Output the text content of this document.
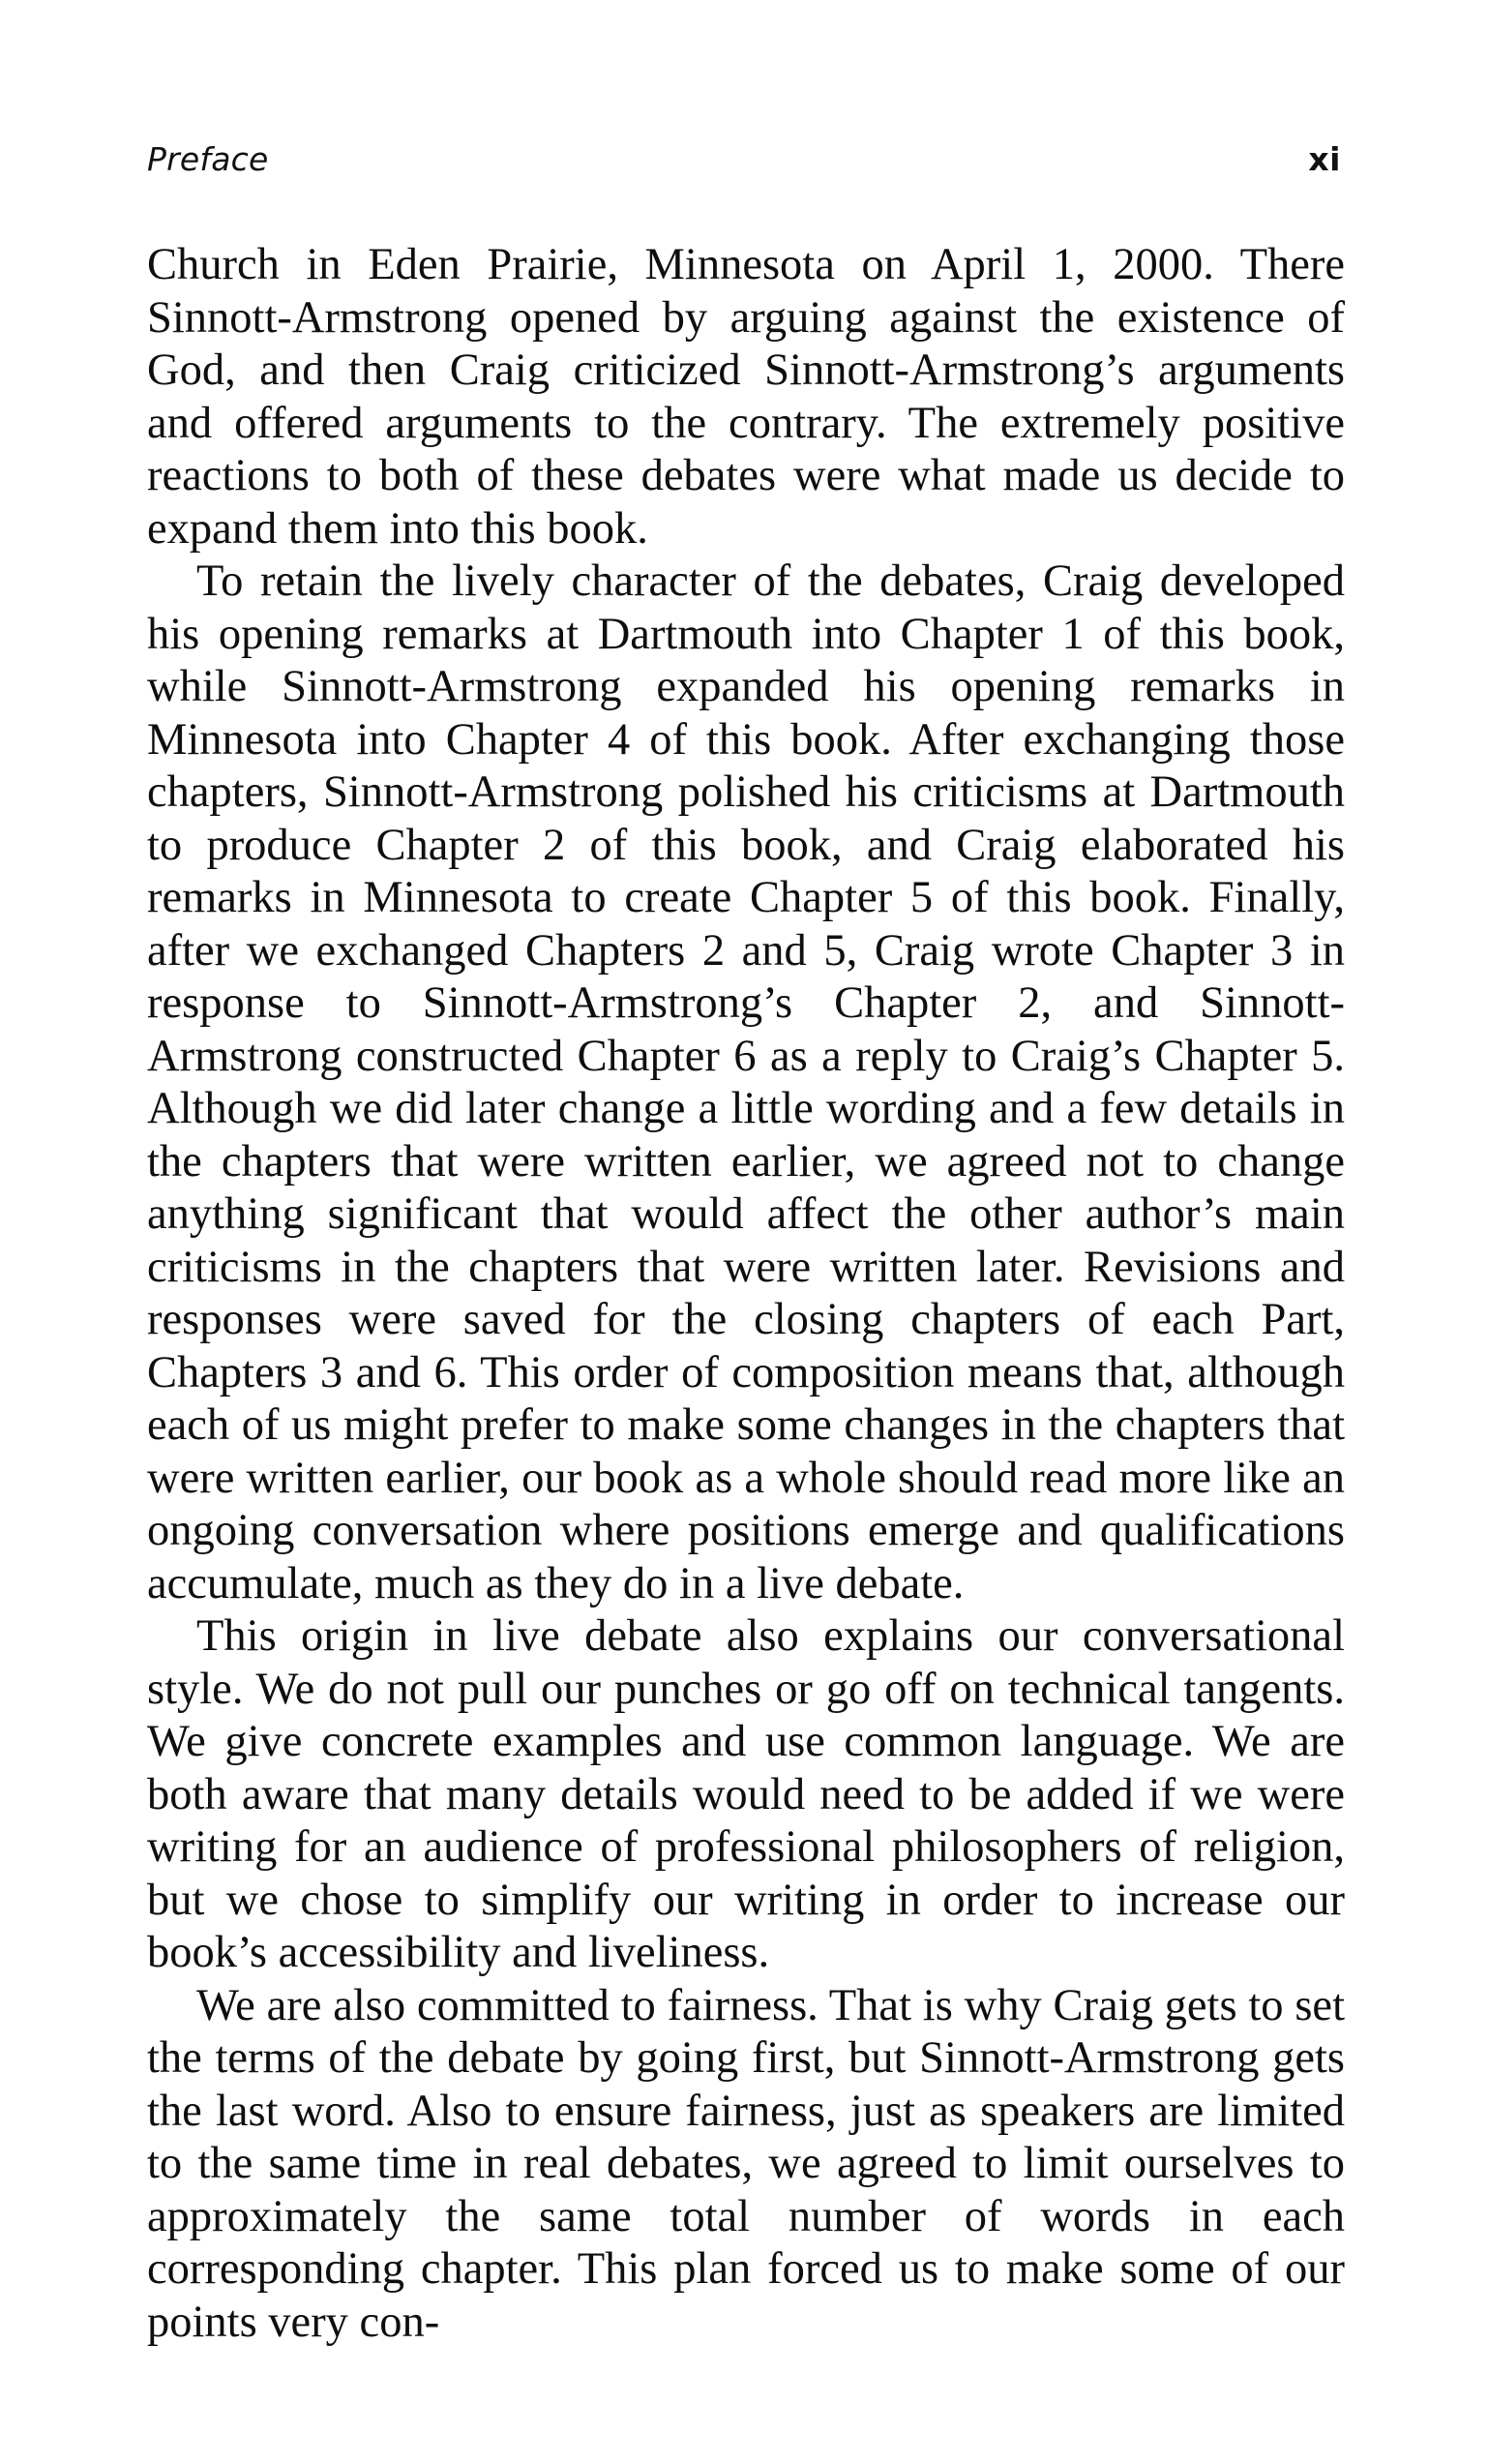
Preface	xi

Church in Eden Prairie, Minnesota on April 1, 2000. There Sinnott-Armstrong opened by arguing against the existence of God, and then Craig criticized Sinnott-Armstrong’s arguments and offered arguments to the contrary. The extremely positive reactions to both of these debates were what made us decide to expand them into this book.

To retain the lively character of the debates, Craig developed his opening remarks at Dartmouth into Chapter 1 of this book, while Sinnott-Armstrong expanded his opening remarks in Minnesota into Chapter 4 of this book. After exchanging those chapters, Sinnott-Armstrong polished his criticisms at Dartmouth to produce Chapter 2 of this book, and Craig elaborated his remarks in Minnesota to create Chapter 5 of this book. Finally, after we exchanged Chapters 2 and 5, Craig wrote Chapter 3 in response to Sinnott-Armstrong’s Chapter 2, and Sinnott-Armstrong constructed Chapter 6 as a reply to Craig’s Chapter 5. Although we did later change a little wording and a few details in the chapters that were written earlier, we agreed not to change anything significant that would affect the other author’s main criticisms in the chapters that were written later. Revisions and responses were saved for the closing chapters of each Part, Chapters 3 and 6. This order of composition means that, although each of us might prefer to make some changes in the chapters that were written earlier, our book as a whole should read more like an ongoing conversation where positions emerge and qualifications accumulate, much as they do in a live debate.

This origin in live debate also explains our conversational style. We do not pull our punches or go off on technical tangents. We give concrete examples and use common language. We are both aware that many details would need to be added if we were writing for an audience of professional philosophers of religion, but we chose to simplify our writing in order to increase our book’s accessibility and liveliness.

We are also committed to fairness. That is why Craig gets to set the terms of the debate by going first, but Sinnott-Armstrong gets the last word. Also to ensure fairness, just as speakers are limited to the same time in real debates, we agreed to limit ourselves to approximately the same total number of words in each corresponding chapter. This plan forced us to make some of our points very con-
